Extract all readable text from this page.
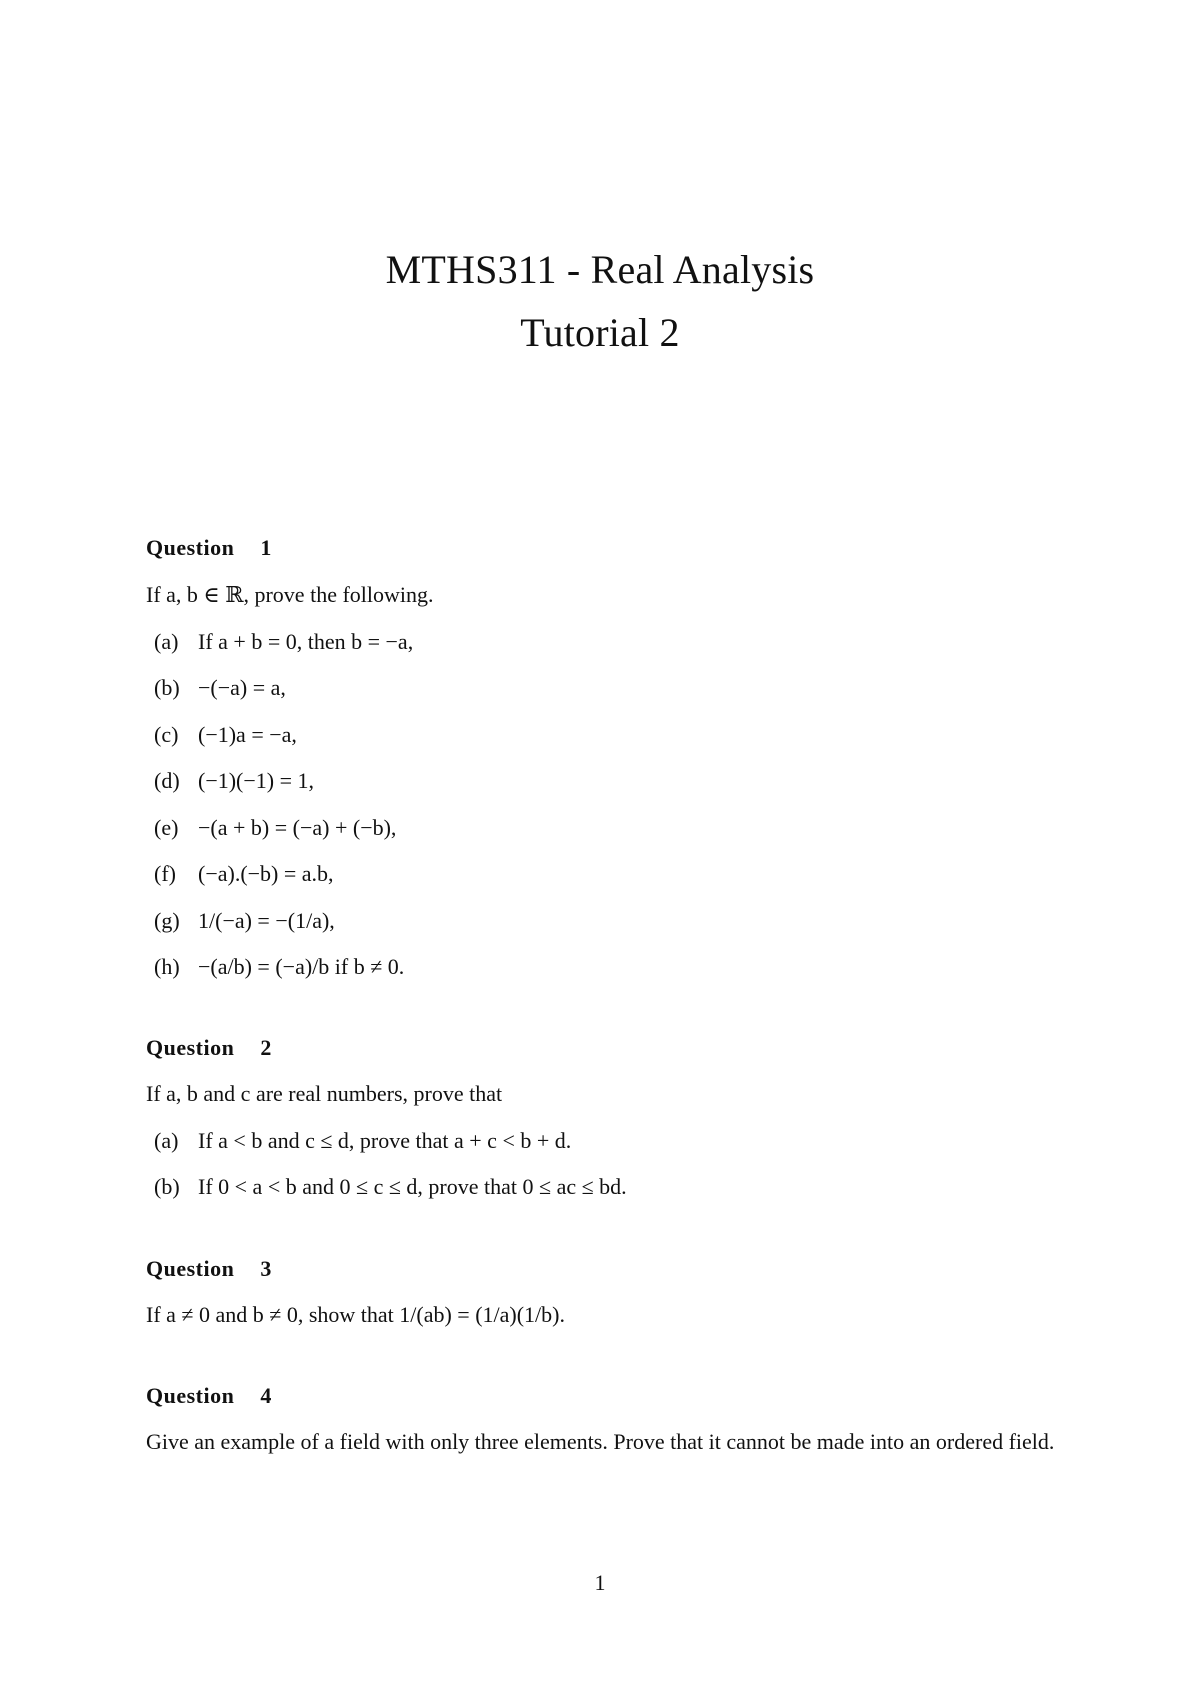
MTHS311 - Real Analysis
Tutorial 2
Question 1
If a, b ∈ ℝ, prove the following.
(a) If a + b = 0, then b = −a,
(b) −(−a) = a,
(c) (−1)a = −a,
(d) (−1)(−1) = 1,
(e) −(a + b) = (−a) + (−b),
(f) (−a).(−b) = a.b,
(g) 1/(−a) = −(1/a),
(h) −(a/b) = (−a)/b if b ≠ 0.
Question 2
If a, b and c are real numbers, prove that
(a) If a < b and c ≤ d, prove that a + c < b + d.
(b) If 0 < a < b and 0 ≤ c ≤ d, prove that 0 ≤ ac ≤ bd.
Question 3
If a ≠ 0 and b ≠ 0, show that 1/(ab) = (1/a)(1/b).
Question 4
Give an example of a field with only three elements. Prove that it cannot be made into an ordered field.
1
